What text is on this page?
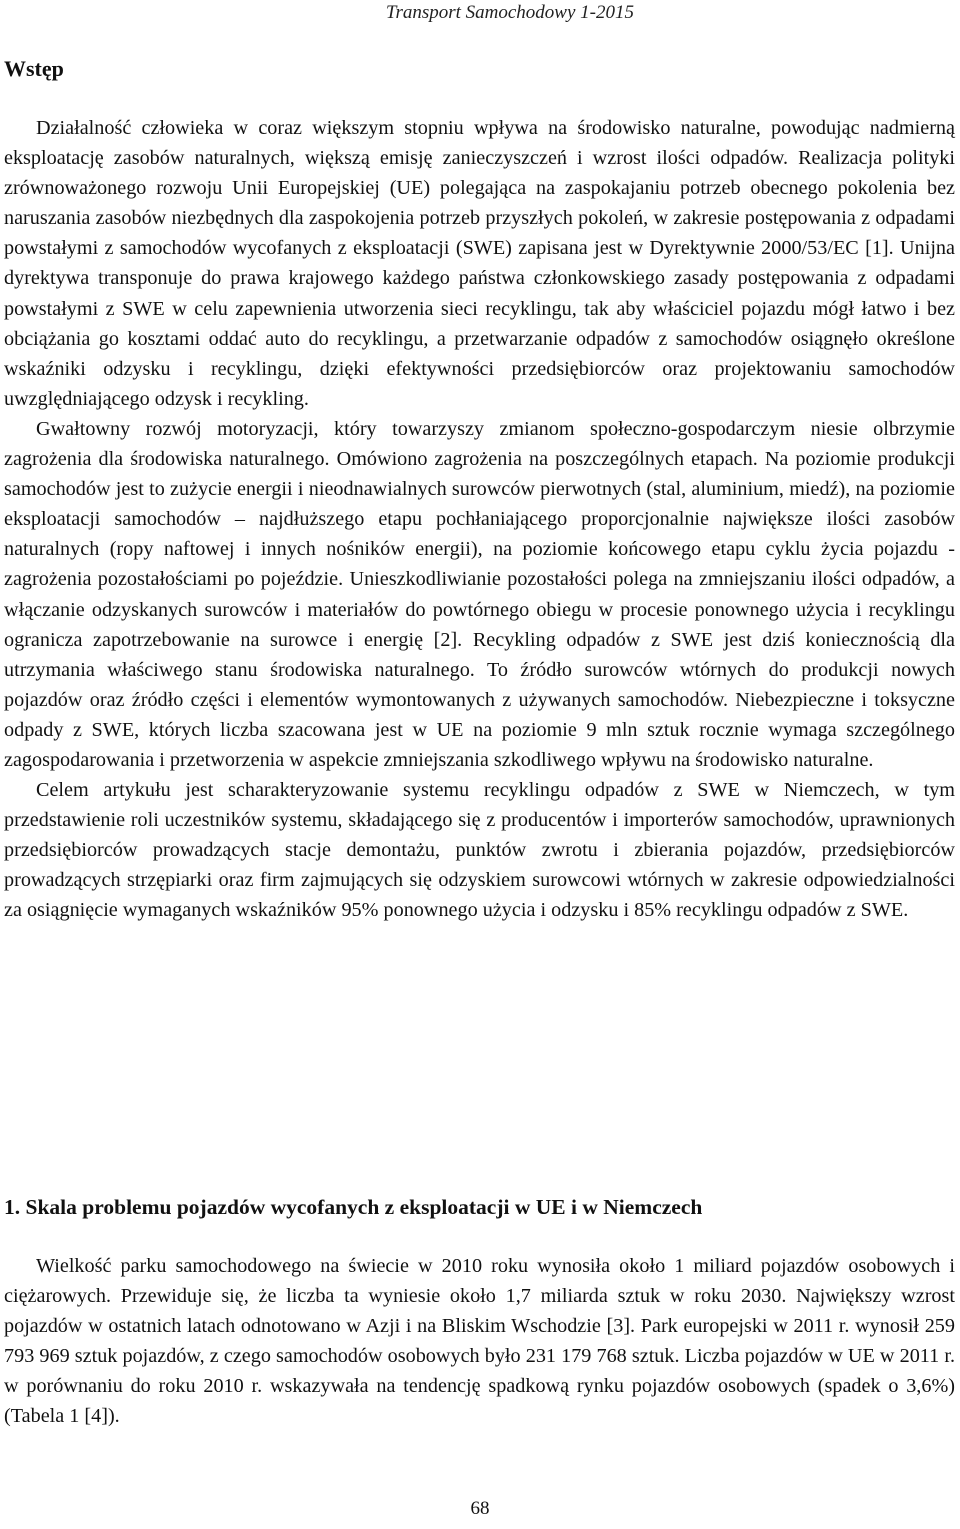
Transport Samochodowy 1-2015
Wstęp

Działalność człowieka w coraz większym stopniu wpływa na środowisko naturalne, powodując nadmierną eksploatację zasobów naturalnych, większą emisję zanieczyszczeń i wzrost ilości odpadów. Realizacja polityki zrównoważonego rozwoju Unii Europejskiej (UE) polegająca na zaspokajaniu potrzeb obecnego pokolenia bez naruszania zasobów niezbędnych dla zaspokojenia potrzeb przyszłych pokoleń, w zakresie postępowania z odpadami powstałymi z samochodów wycofanych z eksploatacji (SWE) zapisana jest w Dyrektywnie 2000/53/EC [1]. Unijna dyrektywa transponuje do prawa krajowego każdego państwa członkowskiego zasady postępowania z odpadami powstałymi z SWE w celu zapewnienia utworzenia sieci recyklingu, tak aby właściciel pojazdu mógł łatwo i bez obciążania go kosztami oddać auto do recyklingu, a przetwarzanie odpadów z samochodów osiągnęło określone wskaźniki odzysku i recyklingu, dzięki efektywności przedsiębiorców oraz projektowaniu samochodów uwzględniającego odzysk i recykling.

Gwałtowny rozwój motoryzacji, który towarzyszy zmianom społeczno-gospodarczym niesie olbrzymie zagrożenia dla środowiska naturalnego. Omówiono zagrożenia na poszczególnych etapach. Na poziomie produkcji samochodów jest to zużycie energii i nieodnawialnych surowców pierwotnych (stal, aluminium, miedź), na poziomie eksploatacji samochodów – najdłuższego etapu pochłaniającego proporcjonalnie największe ilości zasobów naturalnych (ropy naftowej i innych nośników energii), na poziomie końcowego etapu cyklu życia pojazdu - zagrożenia pozostałościami po pojeździe. Unieszkodliwianie pozostałości polega na zmniejszaniu ilości odpadów, a włączanie odzyskanych surowców i materiałów do powtórnego obiegu w procesie ponownego użycia i recyklingu ogranicza zapotrzebowanie na surowce i energię [2]. Recykling odpadów z SWE jest dziś koniecznością dla utrzymania właściwego stanu środowiska naturalnego. To źródło surowców wtórnych do produkcji nowych pojazdów oraz źródło części i elementów wymontowanych z używanych samochodów. Niebezpieczne i toksyczne odpady z SWE, których liczba szacowana jest w UE na poziomie 9 mln sztuk rocznie wymaga szczególnego zagospodarowania i przetworzenia w aspekcie zmniejszania szkodliwego wpływu na środowisko naturalne.

Celem artykułu jest scharakteryzowanie systemu recyklingu odpadów z SWE w Niemczech, w tym przedstawienie roli uczestników systemu, składającego się z producentów i importerów samochodów, uprawnionych przedsiębiorców prowadzących stacje demontażu, punktów zwrotu i zbierania pojazdów, przedsiębiorców prowadzących strzępiarki oraz firm zajmujących się odzyskiem surowcowi wtórnych w zakresie odpowiedzialności za osiągnięcie wymaganych wskaźników 95% ponownego użycia i odzysku i 85% recyklingu odpadów z SWE.

1. Skala problemu pojazdów wycofanych z eksploatacji w UE i w Niemczech

Wielkość parku samochodowego na świecie w 2010 roku wynosiła około 1 miliard pojazdów osobowych i ciężarowych. Przewiduje się, że liczba ta wyniesie około 1,7 miliarda sztuk w roku 2030. Największy wzrost pojazdów w ostatnich latach odnotowano w Azji i na Bliskim Wschodzie [3]. Park europejski w 2011 r. wynosił 259 793 969 sztuk pojazdów, z czego samochodów osobowych było 231 179 768 sztuk. Liczba pojazdów w UE w 2011 r. w porównaniu do roku 2010 r. wskazywała na tendencję spadkową rynku pojazdów osobowych (spadek o 3,6%) (Tabela 1 [4]).

68
